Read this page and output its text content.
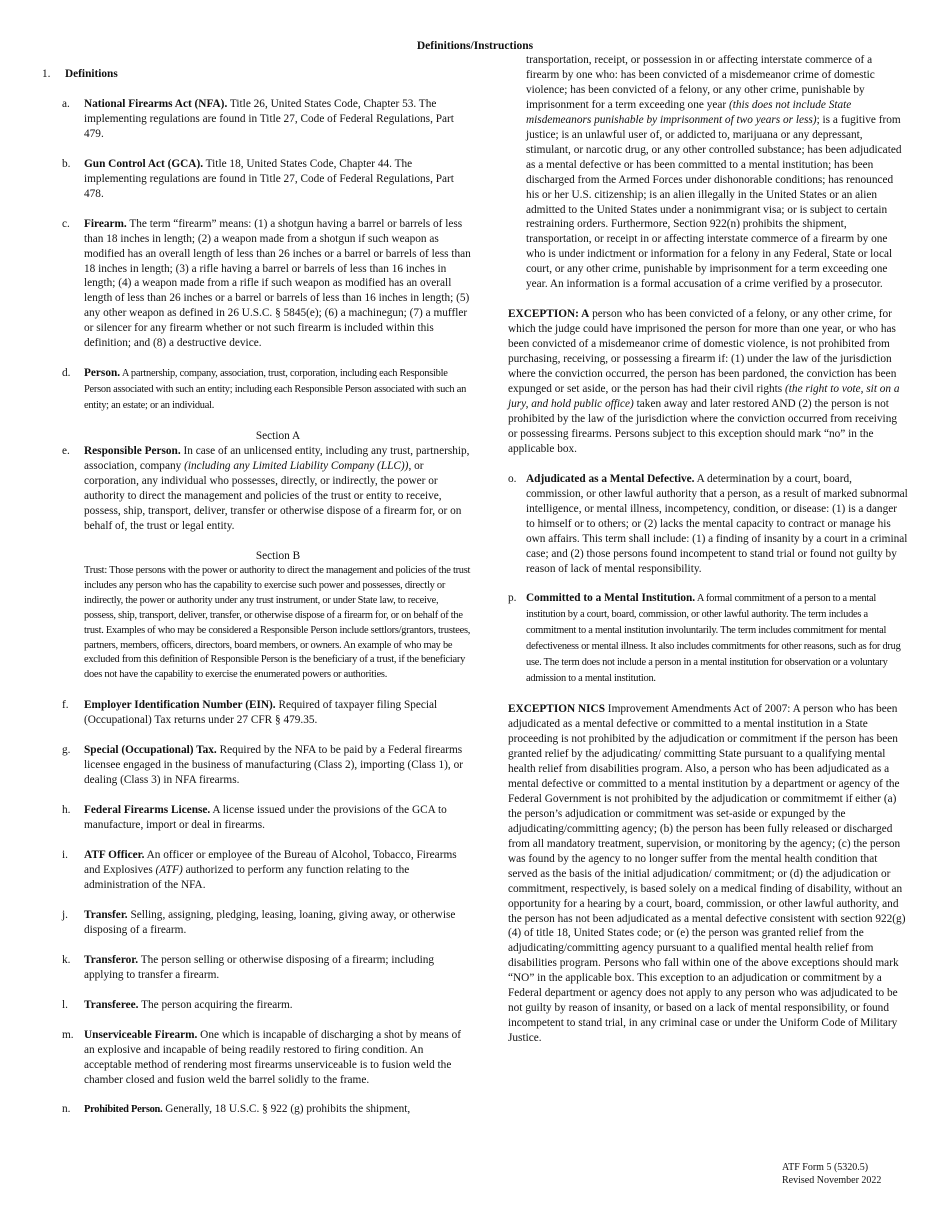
Definitions/Instructions
1.	Definitions
a.	National Firearms Act (NFA). Title 26, United States Code, Chapter 53. The implementing regulations are found in Title 27, Code of Federal Regulations, Part 479.
b.	Gun Control Act (GCA). Title 18, United States Code, Chapter 44. The implementing regulations are found in Title 27, Code of Federal Regulations, Part 478.
c.	Firearm. The term “firearm” means: (1) a shotgun having a barrel or barrels of less than 18 inches in length; (2) a weapon made from a shotgun if such weapon as modified has an overall length of less than 26 inches or a barrel or barrels of less than 18 inches in length; (3) a rifle having a barrel or barrels of less than 16 inches in length; (4) a weapon made from a rifle if such weapon as modified has an overall length of less than 26 inches or a barrel or barrels of less than 16 inches in length; (5) any other weapon as defined in 26 U.S.C. § 5845(e); (6) a machinegun; (7) a muffler or silencer for any firearm whether or not such firearm is included within this definition; and (8) a destructive device.
d.	Person. A partnership, company, association, trust, corporation, including each Responsible Person associated with such an entity; including each Responsible Person associated with such an entity; an estate; or an individual.
Section A
e.	Responsible Person. In case of an unlicensed entity, including any trust, partnership, association, company (including any Limited Liability Company (LLC)), or corporation, any individual who possesses, directly, or indirectly, the power or authority to direct the management and policies of the trust or entity to receive, possess, ship, transport, deliver, transfer or otherwise dispose of a firearm for, or on behalf of, the trust or legal entity.
Section B
Trust: Those persons with the power or authority to direct the management and policies of the trust includes any person who has the capability to exercise such power and possesses, directly or indirectly, the power or authority under any trust instrument, or under State law, to receive, possess, ship, transport, deliver, transfer, or otherwise dispose of a firearm for, or on behalf of the trust. Examples of who may be considered a Responsible Person include settlors/grantors, trustees, partners, members, officers, directors, board members, or owners. An example of who may be excluded from this definition of Responsible Person is the beneficiary of a trust, if the beneficiary does not have the capability to exercise the enumerated powers or authorities.
f.	Employer Identification Number (EIN). Required of taxpayer filing Special (Occupational) Tax returns under 27 CFR § 479.35.
g.	Special (Occupational) Tax. Required by the NFA to be paid by a Federal firearms licensee engaged in the business of manufacturing (Class 2), importing (Class 1), or dealing (Class 3) in NFA firearms.
h.	Federal Firearms License. A license issued under the provisions of the GCA to manufacture, import or deal in firearms.
i.	ATF Officer. An officer or employee of the Bureau of Alcohol, Tobacco, Firearms and Explosives (ATF) authorized to perform any function relating to the administration of the NFA.
j.	Transfer. Selling, assigning, pledging, leasing, loaning, giving away, or otherwise disposing of a firearm.
k.	Transferor. The person selling or otherwise disposing of a firearm; including applying to transfer a firearm.
l.	Transferee. The person acquiring the firearm.
m. Unserviceable Firearm. One which is incapable of discharging a shot by means of an explosive and incapable of being readily restored to firing condition. An acceptable method of rendering most firearms unserviceable is to fusion weld the chamber closed and fusion weld the barrel solidly to the frame.
n.	Prohibited Person. Generally, 18 U.S.C. § 922 (g) prohibits the shipment,
transportation, receipt, or possession in or affecting interstate commerce of a firearm by one who: has been convicted of a misdemeanor crime of domestic violence; has been convicted of a felony, or any other crime, punishable by imprisonment for a term exceeding one year (this does not include State misdemeanors punishable by imprisonment of two years or less); is a fugitive from justice; is an unlawful user of, or addicted to, marijuana or any depressant, stimulant, or narcotic drug, or any other controlled substance; has been adjudicated as a mental defective or has been committed to a mental institution; has been discharged from the Armed Forces under dishonorable conditions; has renounced his or her U.S. citizenship; is an alien illegally in the United States or an alien admitted to the United States under a nonimmigrant visa; or is subject to certain restraining orders. Furthermore, Section 922(n) prohibits the shipment, transportation, or receipt in or affecting interstate commerce of a firearm by one who is under indictment or information for a felony in any Federal, State or local court, or any other crime, punishable by imprisonment for a term exceeding one year. An information is a formal accusation of a crime verified by a prosecutor.
EXCEPTION: A person who has been convicted of a felony, or any other crime, for which the judge could have imprisoned the person for more than one year, or who has been convicted of a misdemeanor crime of domestic violence, is not prohibited from purchasing, receiving, or possessing a firearm if: (1) under the law of the jurisdiction where the conviction occurred, the person has been pardoned, the conviction has been expunged or set aside, or the person has had their civil rights (the right to vote, sit on a jury, and hold public office) taken away and later restored AND (2) the person is not prohibited by the law of the jurisdiction where the conviction occurred from receiving or possessing firearms. Persons subject to this exception should mark “no” in the applicable box.
o. Adjudicated as a Mental Defective. A determination by a court, board, commission, or other lawful authority that a person, as a result of marked subnormal intelligence, or mental illness, incompetency, condition, or disease: (1) is a danger to himself or to others; or (2) lacks the mental capacity to contract or manage his own affairs. This term shall include: (1) a finding of insanity by a court in a criminal case; and (2) those persons found incompetent to stand trial or found not guilty by reason of lack of mental responsibility.
p. Committed to a Mental Institution. A formal commitment of a person to a mental institution by a court, board, commission, or other lawful authority. The term includes a commitment to a mental institution involuntarily. The term includes commitment for mental defectiveness or mental illness. It also includes commitments for other reasons, such as for drug use. The term does not include a person in a mental institution for observation or a voluntary admission to a mental institution.
EXCEPTION NICS Improvement Amendments Act of 2007: A person who has been adjudicated as a mental defective or committed to a mental institution in a State proceeding is not prohibited by the adjudication or commitment if the person has been granted relief by the adjudicating/ committing State pursuant to a qualifying mental health relief from disabilities program. Also, a person who has been adjudicated as a mental defective or committed to a mental institution by a department or agency of the Federal Government is not prohibited by the adjudication or commitmemt if either (a) the person’s adjudication or commitment was set-aside or expunged by the adjudicating/committing agency; (b) the person has been fully released or discharged from all mandatory treatment, supervision, or monitoring by the agency; (c) the person was found by the agency to no longer suffer from the mental health condition that served as the basis of the initial adjudication/ commitment; or (d) the adjudication or commitment, respectively, is based solely on a medical finding of disability, without an opportunity for a hearing by a court, board, commission, or other lawful authority, and the person has not been adjudicated as a mental defective consistent with section 922(g)(4) of title 18, United States code; or (e) the person was granted relief from the adjudicating/committing agency pursuant to a qualified mental health relief from disabilities program. Persons who fall within one of the above exceptions should mark “NO” in the applicable box. This exception to an adjudication or commitment by a Federal department or agency does not apply to any person who was adjudicated to be not guilty by reason of insanity, or based on a lack of mental responsibility, or found incompetent to stand trial, in any criminal case or under the Uniform Code of Military Justice.
ATF Form 5 (5320.5)
Revised November 2022
